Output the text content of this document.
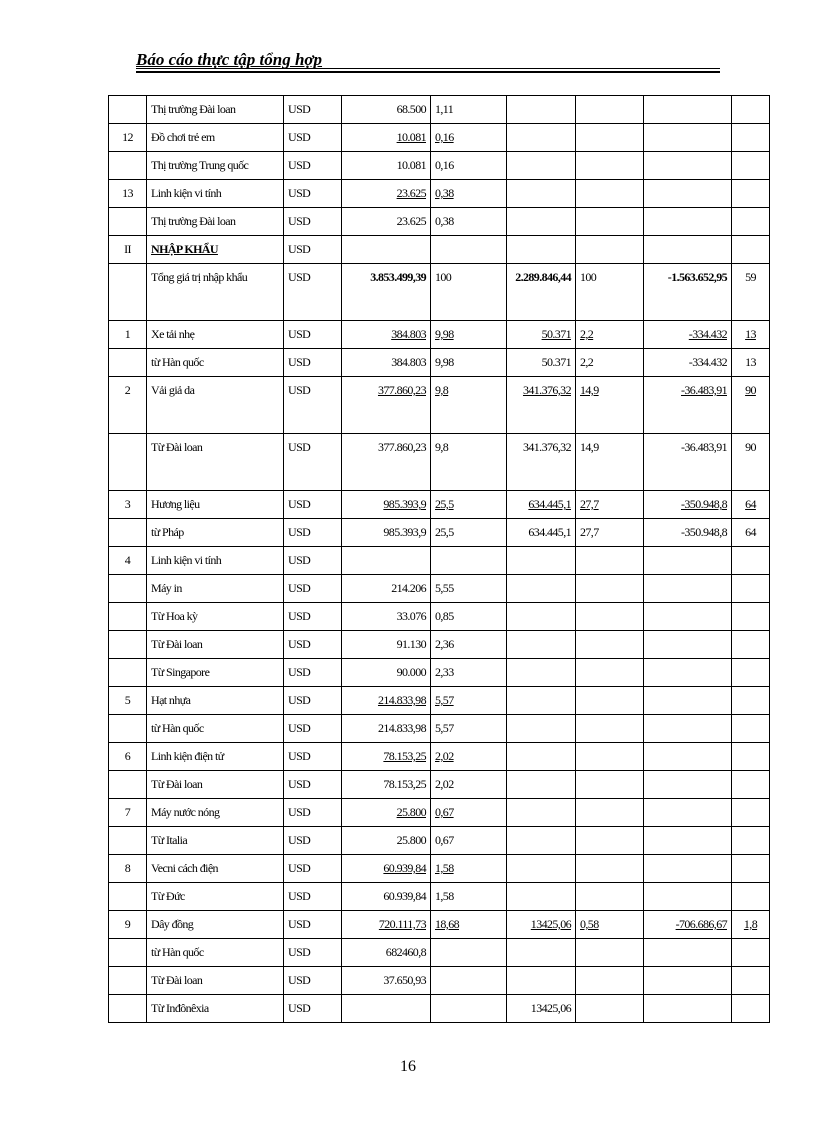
Báo cáo thực tập tổng hợp
	Thị trường Đài loan	USD	68.500	1,11				
12	Đồ chơi trẻ em	USD	10.081	0,16				
	Thị trường Trung quốc	USD	10.081	0,16				
13	Linh kiện vi tính	USD	23.625	0,38				
	Thị trường Đài loan	USD	23.625	0,38				
II	NHẬP KHẨU	USD						
	Tổng giá trị nhập khẩu	USD	3.853.499,39	100	2.289.846,44	100	-1.563.652,95	59
1	Xe tải nhẹ	USD	384.803	9,98	50.371	2,2	-334.432	13
	từ Hàn quốc	USD	384.803	9,98	50.371	2,2	-334.432	13
2	Vải giả da	USD	377.860,23	9,8	341.376,32	14,9	-36.483,91	90
	Từ Đài loan	USD	377.860,23	9,8	341.376,32	14,9	-36.483,91	90
3	Hương liệu	USD	985.393,9	25,5	634.445,1	27,7	-350.948,8	64
	từ Pháp	USD	985.393,9	25,5	634.445,1	27,7	-350.948,8	64
4	Linh kiện vi tính	USD						
	Máy in	USD	214.206	5,55				
	Từ Hoa kỳ	USD	33.076	0,85				
	Từ Đài loan	USD	91.130	2,36				
	Từ Singapore	USD	90.000	2,33				
5	Hạt nhựa	USD	214.833,98	5,57				
	từ Hàn quốc	USD	214.833,98	5,57				
6	Linh kiện điện tử	USD	78.153,25	2,02				
	Từ Đài loan	USD	78.153,25	2,02				
7	Máy nước nóng	USD	25.800	0,67				
	Từ Italia	USD	25.800	0,67				
8	Vecni cách điện	USD	60.939,84	1,58				
	Từ Đức	USD	60.939,84	1,58				
9	Dây đồng	USD	720.111,73	18,68	13425,06	0,58	-706.686,67	1,8
	từ Hàn quốc	USD	682460,8					
	Từ Đài loan	USD	37.650,93					
	Từ Inđônêxia	USD			13425,06			
16
